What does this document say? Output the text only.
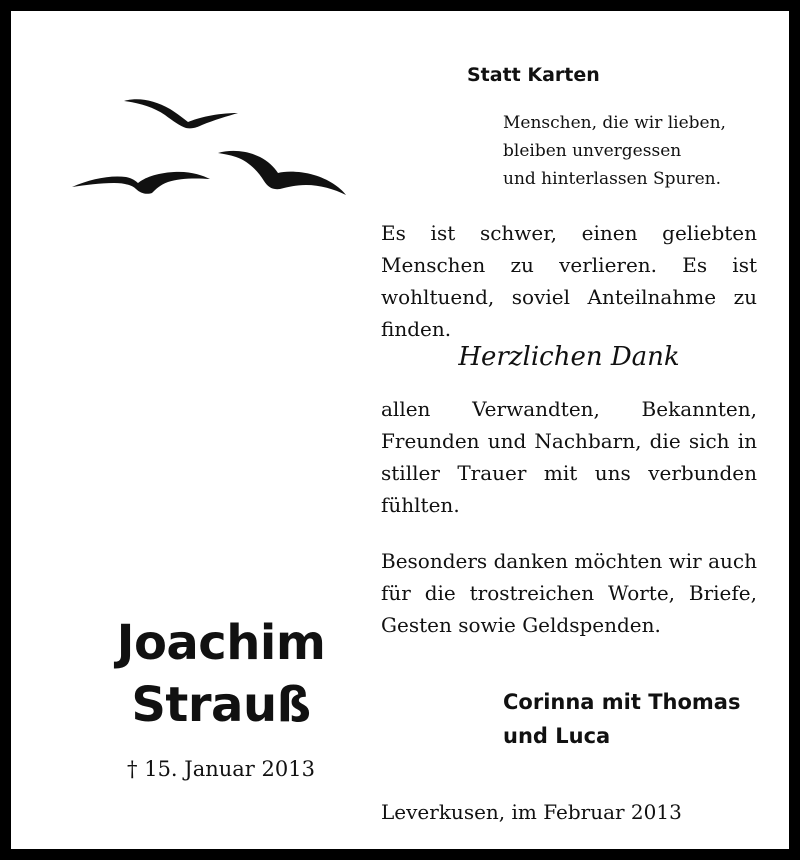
Joachim
Strauß
† 15. Januar 2013
Statt Karten
Menschen, die wir lieben,
bleiben unvergessen
und hinterlassen Spuren.
Es ist schwer, einen geliebten Menschen zu verlieren. Es ist wohltuend, soviel Anteilnahme zu finden.
Herzlichen Dank
allen Verwandten, Bekannten, Freunden und Nachbarn, die sich in stiller Trauer mit uns verbunden fühlten.
Besonders danken möchten wir auch für die trostreichen Worte, Briefe, Gesten sowie Geldspenden.
Corinna mit Thomas
und Luca
Leverkusen, im Februar 2013
